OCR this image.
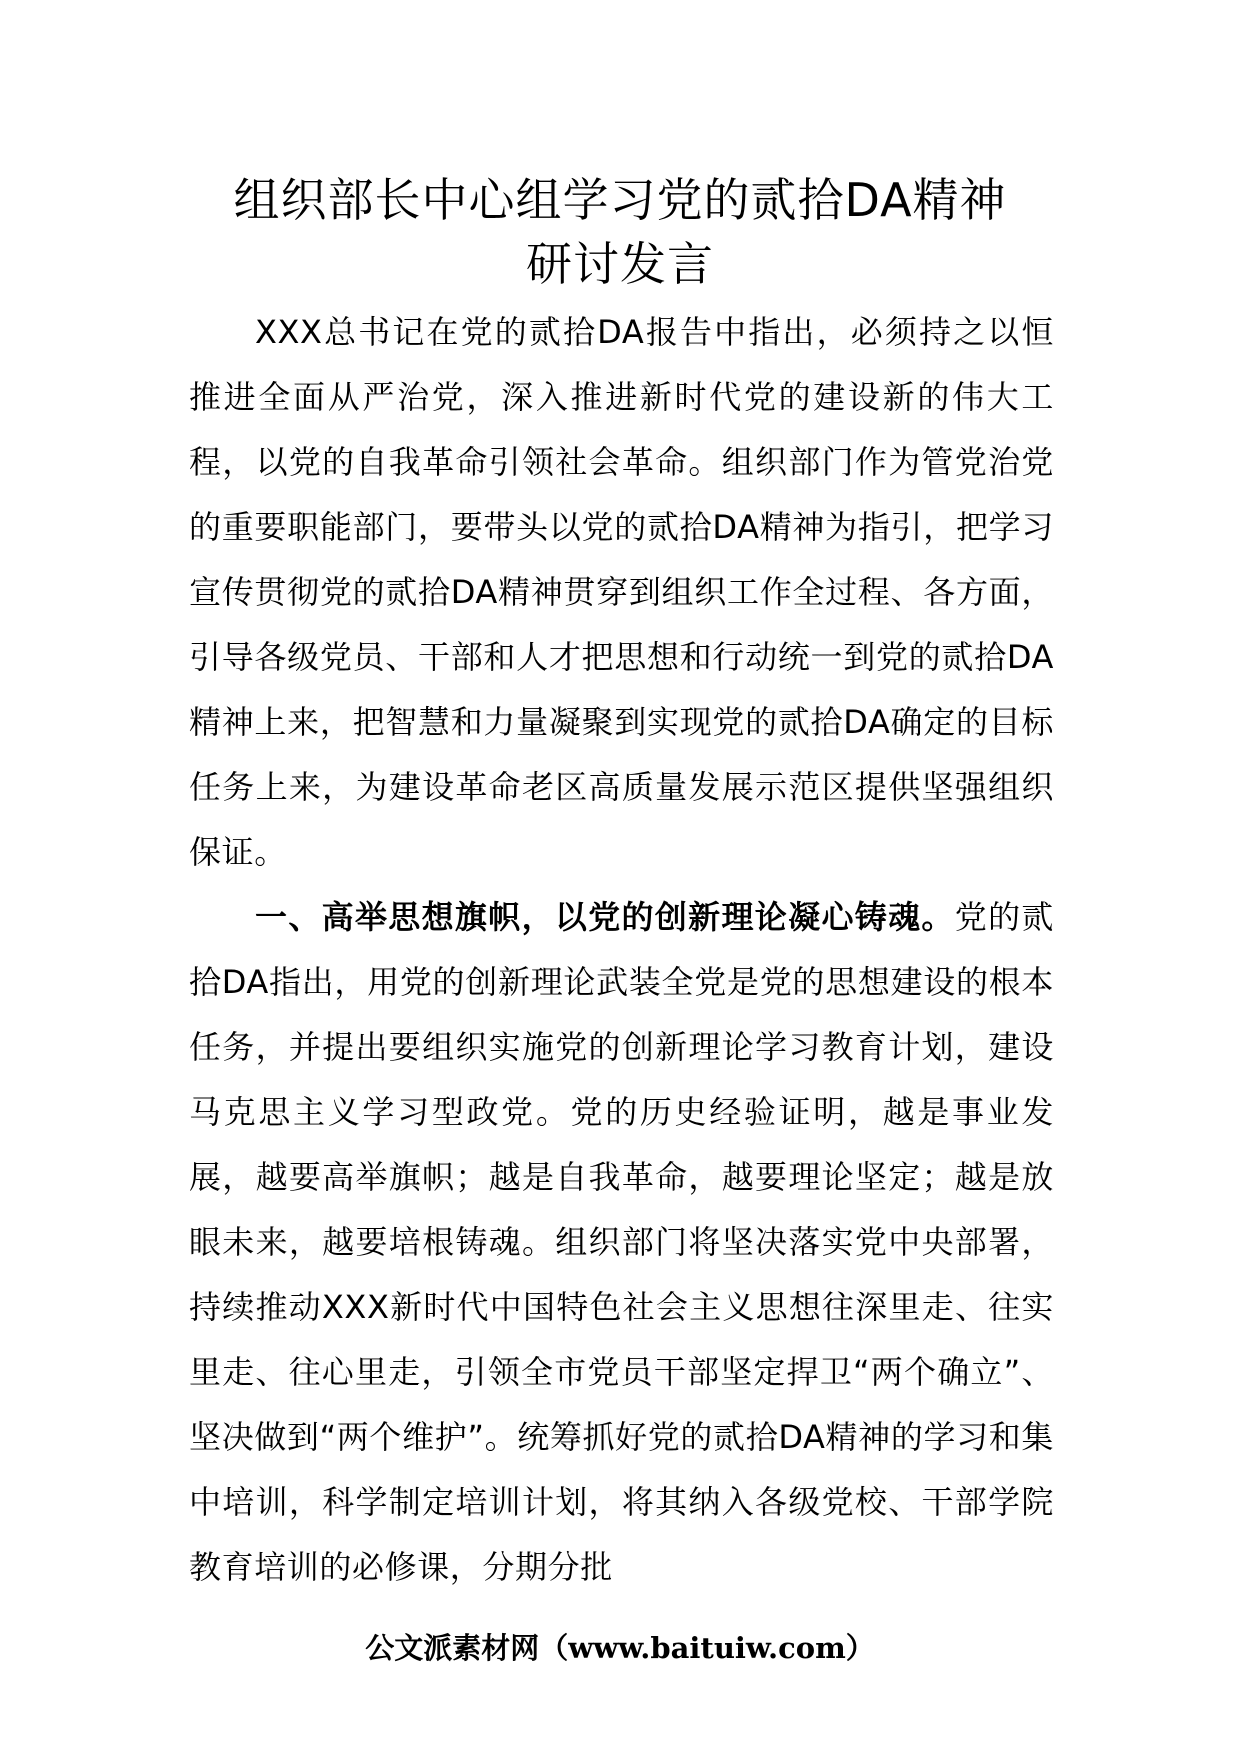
组织部长中心组学习党的贰拾DA精神
研讨发言

XXX总书记在党的贰拾DA报告中指出，必须持之以恒推进全面从严治党，深入推进新时代党的建设新的伟大工程，以党的自我革命引领社会革命。组织部门作为管党治党的重要职能部门，要带头以党的贰拾DA精神为指引，把学习宣传贯彻党的贰拾DA精神贯穿到组织工作全过程、各方面，引导各级党员、干部和人才把思想和行动统一到党的贰拾DA精神上来，把智慧和力量凝聚到实现党的贰拾DA确定的目标任务上来，为建设革命老区高质量发展示范区提供坚强组织保证。

一、高举思想旗帜，以党的创新理论凝心铸魂。党的贰拾DA指出，用党的创新理论武装全党是党的思想建设的根本任务，并提出要组织实施党的创新理论学习教育计划，建设马克思主义学习型政党。党的历史经验证明，越是事业发展，越要高举旗帜；越是自我革命，越要理论坚定；越是放眼未来，越要培根铸魂。组织部门将坚决落实党中央部署，持续推动XXX新时代中国特色社会主义思想往深里走、往实里走、往心里走，引领全市党员干部坚定捍卫“两个确立”、坚决做到“两个维护”。统筹抓好党的贰拾DA精神的学习和集中培训，科学制定培训计划，将其纳入各级党校、干部学院教育培训的必修课，分期分批

公文派素材网（www.baituiw.com）
